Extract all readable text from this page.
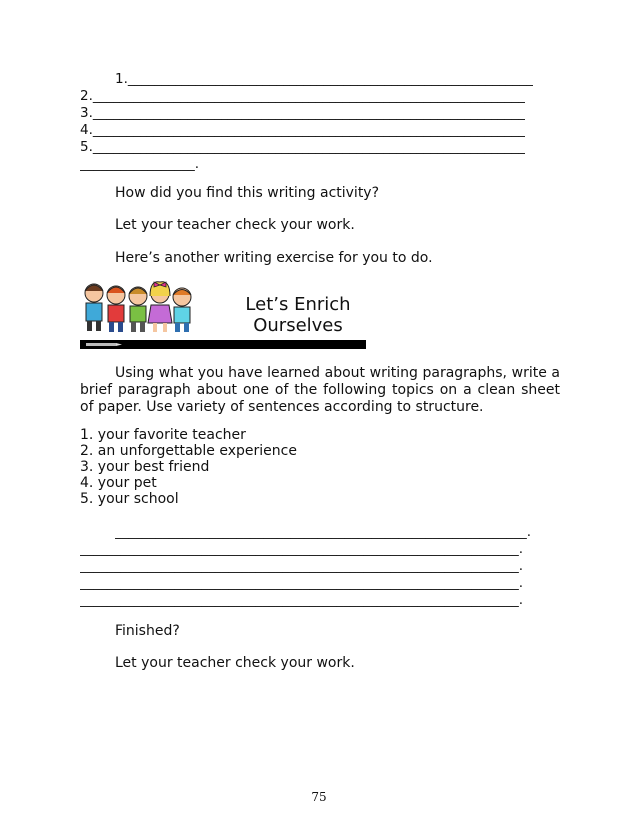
1.____________________________________________________________
2.________________________________________________________________
3.________________________________________________________________
4.________________________________________________________________
5.________________________________________________________________
_________________.
How did you find this writing activity?
Let your teacher check your work.
Here’s another writing exercise for you to do.
Let’s Enrich
Ourselves
Using what you have learned about writing paragraphs, write a brief paragraph about one of the following topics on a clean sheet of paper. Use variety of sentences according to structure.
1. your favorite teacher
2. an unforgettable experience
3. your best friend
4. your pet
5. your school
_____________________________________________________________.
_________________________________________________________________.
_________________________________________________________________.
_________________________________________________________________.
_________________________________________________________________.
Finished?
Let your teacher check your work.
75
